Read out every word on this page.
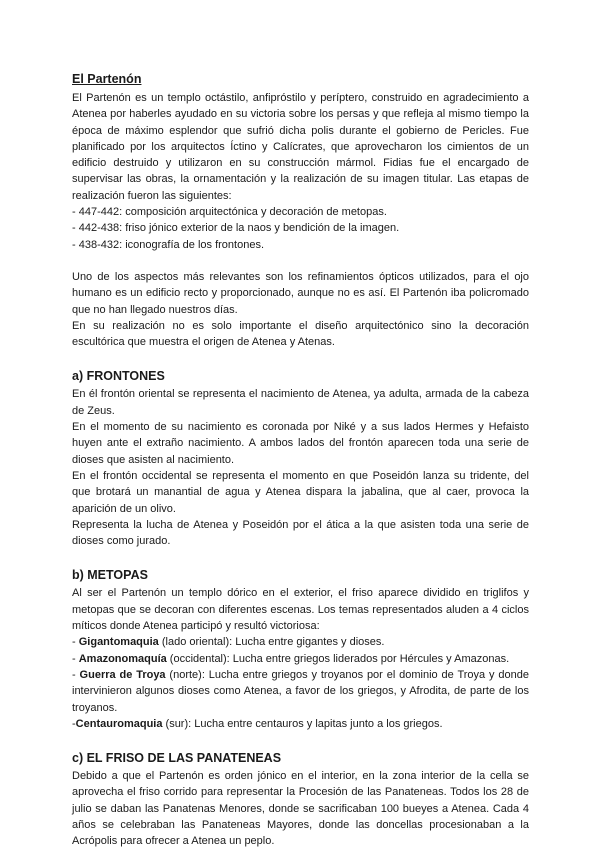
El Partenón

El Partenón es un templo octástilo, anfipróstilo y períptero, construido en agradecimiento a Atenea por haberles ayudado en su victoria sobre los persas y que refleja al mismo tiempo la época de máximo esplendor que sufrió dicha polis durante el gobierno de Pericles. Fue planificado por los arquitectos Íctino y Calícrates, que aprovecharon los cimientos de un edificio destruido y utilizaron en su construcción mármol. Fidias fue el encargado de supervisar las obras, la ornamentación y la realización de su imagen titular. Las etapas de realización fueron las siguientes:

- 447-442: composición arquitectónica y decoración de metopas.

- 442-438: friso jónico exterior de la naos y bendición de la imagen.

- 438-432: iconografía de los frontones.

Uno de los aspectos más relevantes son los refinamientos ópticos utilizados, para el ojo humano es un edificio recto y proporcionado, aunque no es así. El Partenón iba policromado que no han llegado nuestros días.

En su realización no es solo importante el diseño arquitectónico sino la decoración escultórica que muestra el origen de Atenea y Atenas.

a) FRONTONES

En él frontón oriental se representa el nacimiento de Atenea, ya adulta, armada de la cabeza de Zeus.

En el momento de su nacimiento es coronada por Niké y a sus lados Hermes y Hefaisto huyen ante el extraño nacimiento. A ambos lados del frontón aparecen toda una serie de dioses que asisten al nacimiento.

En el frontón occidental se representa el momento en que Poseidón lanza su tridente, del que brotará un manantial de agua y Atenea dispara la jabalina, que al caer, provoca la aparición de un olivo.

Representa la lucha de Atenea y Poseidón por el ática a la que asisten toda una serie de dioses como jurado.

b) METOPAS

Al ser el Partenón un templo dórico en el exterior, el friso aparece dividido en triglifos y metopas que se decoran con diferentes escenas. Los temas representados aluden a 4 ciclos míticos donde Atenea participó y resultó victoriosa:

- Gigantomaquia (lado oriental): Lucha entre gigantes y dioses.

- Amazonomaquía (occidental): Lucha entre griegos liderados por Hércules y Amazonas.

- Guerra de Troya (norte): Lucha entre griegos y troyanos por el dominio de Troya y donde intervinieron algunos dioses como Atenea, a favor de los griegos, y Afrodita, de parte de los troyanos.

-Centauromaquia (sur): Lucha entre centauros y lapitas junto a los griegos.

c) EL FRISO DE LAS PANATENEAS

Debido a que el Partenón es orden jónico en el interior, en la zona interior de la cella se aprovecha el friso corrido para representar la Procesión de las Panateneas. Todos los 28 de julio se daban las Panatenas Menores, donde se sacrificaban 100 bueyes a Atenea. Cada 4 años se celebraban las Panateneas Mayores, donde las doncellas procesionaban a la Acrópolis para ofrecer a Atenea un peplo.
